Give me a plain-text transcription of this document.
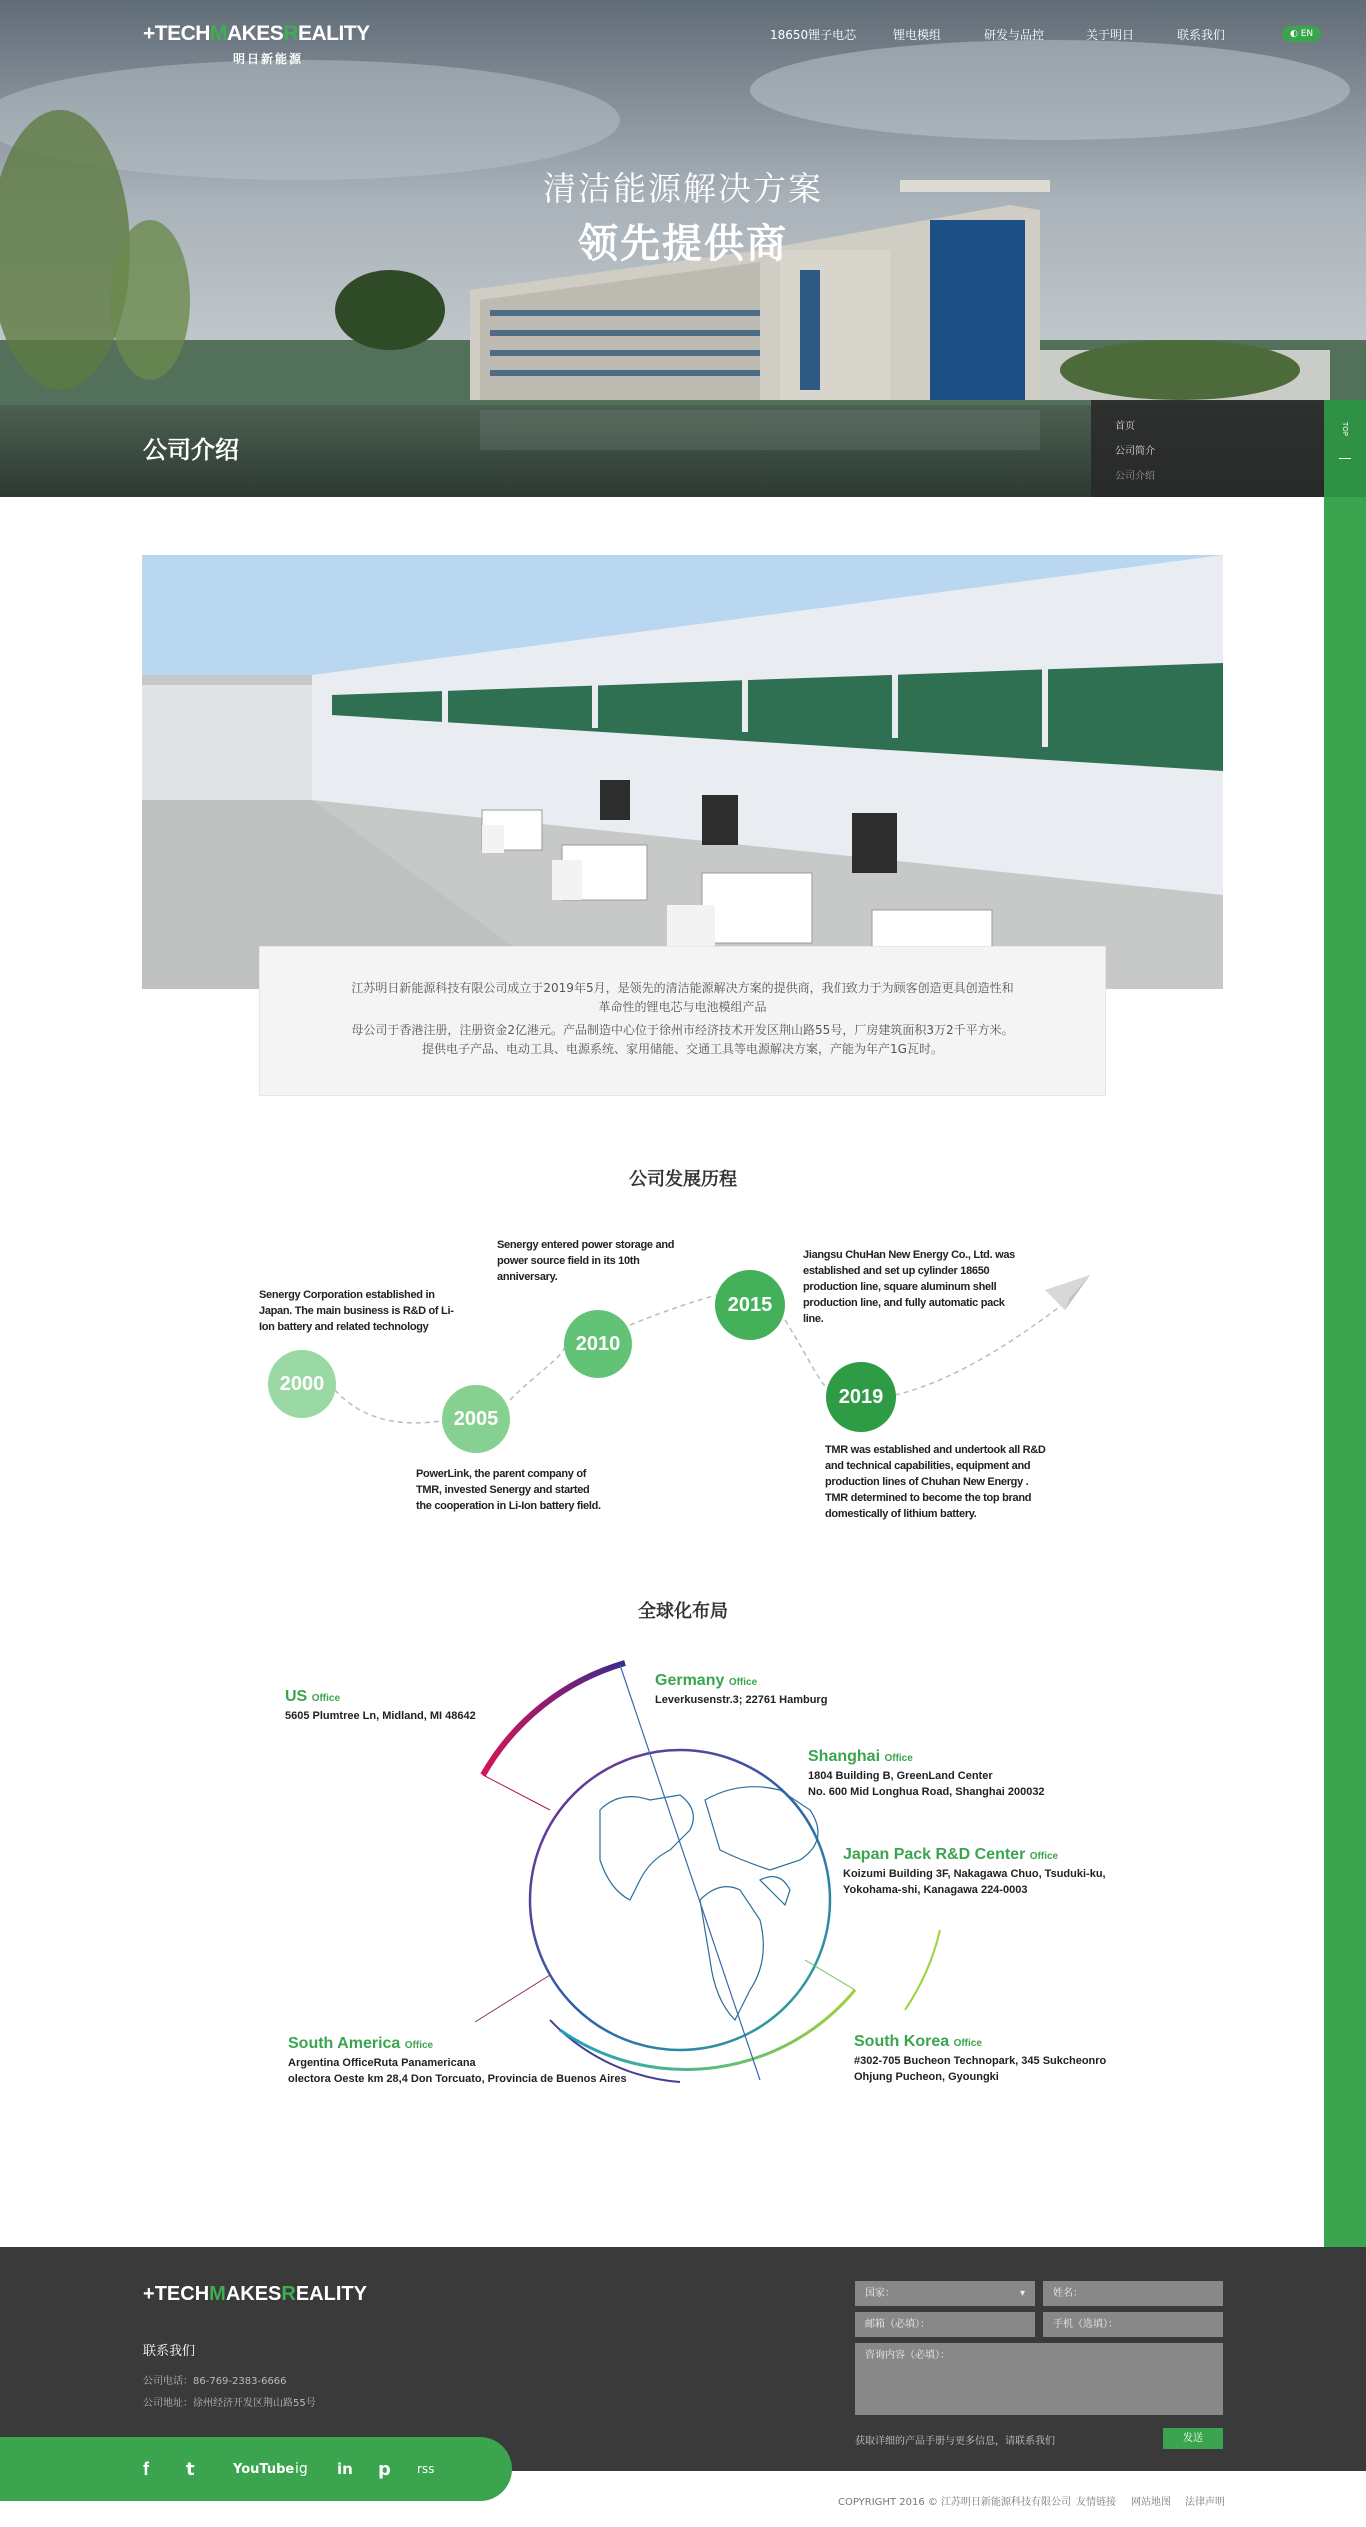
+TECHMAKESREALITY
明日新能源
18650锂子电芯	锂电模组	研发与品控	关于明日	联系我们	◐ EN
清洁能源解决方案
领先提供商
公司介绍
首页
公司简介
公司介绍
TOP

江苏明日新能源科技有限公司成立于2019年5月，是领先的清洁能源解决方案的提供商，我们致力于为顾客创造更具创造性和革命性的锂电芯与电池模组产品

母公司于香港注册，注册资金2亿港元。产品制造中心位于徐州市经济技术开发区荆山路55号，厂房建筑面积3万2千平方米。提供电子产品、电动工具、电源系统、家用储能、交通工具等电源解决方案，产能为年产1G瓦时。

公司发展历程
2000
2005
2010
2015
2019
Senergy Corporation established in Japan. The main business is R&D of Li-Ion battery and related technology
PowerLink, the parent company of TMR, invested Senergy and started the cooperation in Li-Ion battery field.
Senergy entered power storage and power source field in its 10th anniversary.
Jiangsu ChuHan New Energy Co., Ltd. was established and set up cylinder 18650 production line, square aluminum shell production line, and fully automatic pack line.
TMR was established and undertook all R&D and technical capabilities, equipment and production lines of Chuhan New Energy . TMR determined to become the top brand domestically of lithium battery.
全球化布局
US Office
5605 Plumtree Ln, Midland, MI 48642
Germany Office
Leverkusenstr.3; 22761 Hamburg
Shanghai Office
1804 Building B, GreenLand Center
No. 600 Mid Longhua Road, Shanghai 200032
Japan Pack R&D Center Office
Koizumi Building 3F, Nakagawa Chuo, Tsuduki-ku,
Yokohama-shi, Kanagawa 224-0003
South America Office
Argentina OfficeRuta Panamericana
olectora Oeste km 28,4 Don Torcuato, Provincia de Buenos Aires
South Korea Office
#302-705 Bucheon Technopark, 345 Sukcheonro
Ohjung Pucheon, Gyoungki
+TECHMAKESREALITY
联系我们
公司电话：86-769-2383-6666
公司地址：徐州经济开发区荆山路55号
国家：	▾	姓名：
邮箱（必填）：	手机（选填）：
咨询内容（必填）：
获取详细的产品手册与更多信息，请联系我们	发送
f t	YouTube ig in p rss
COPYRIGHT 2016 © 江苏明日新能源科技有限公司 友情链接 网站地图 法律声明
